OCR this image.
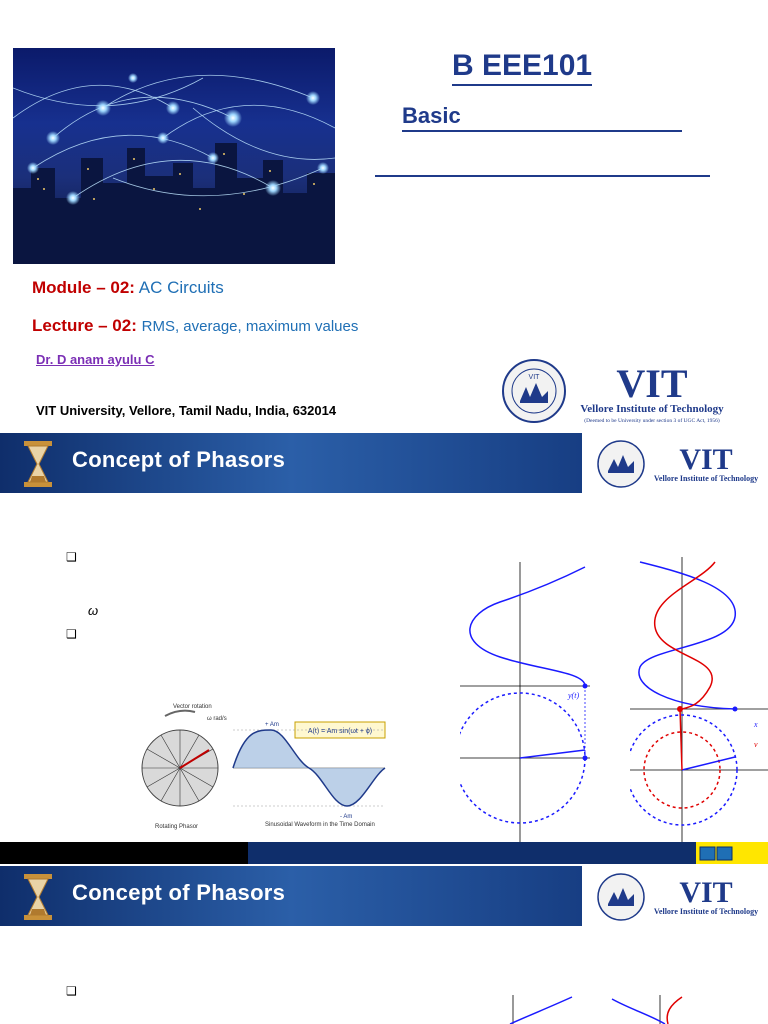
B EEE101
Basic
Module – 02: AC Circuits
Lecture – 02: RMS, average, maximum values
Dr. D anam ayulu C
VIT University, Vellore, Tamil Nadu, India, 632014
VIT VIT
Vellore Institute of Technology
(Deemed to be University under section 3 of UGC Act, 1956)
Concept of Phasors	VIT
Vellore Institute of Technology
❑
ω
❑
Vector rotation
ω rad/s
A(t) = Am sin(ωt + ϕ)
+ Am
- Am
Rotating Phasor	Sinusoidal Waveform in the Time Domain
y(t)
x
v
Concept of Phasors	VIT
Vellore Institute of Technology
❑
